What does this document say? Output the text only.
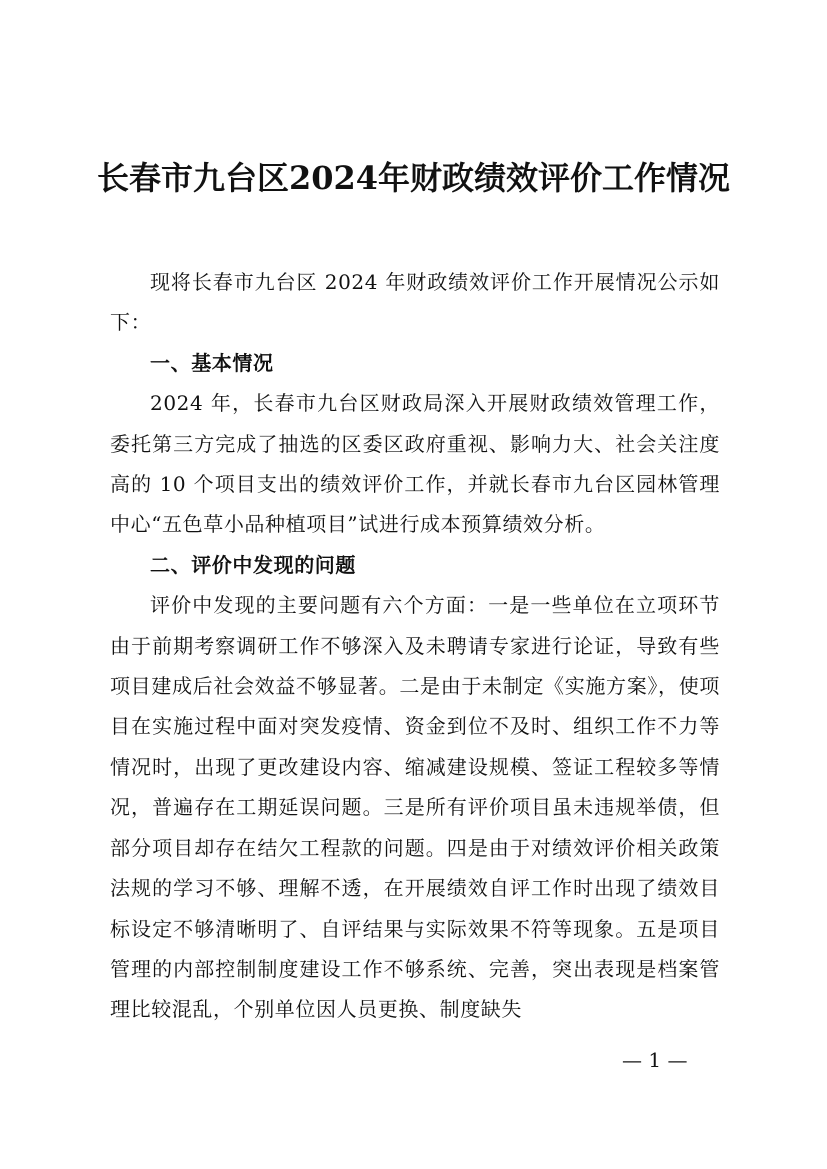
长春市九台区2024年财政绩效评价工作情况

现将长春市九台区 2024 年财政绩效评价工作开展情况公示如下：

一、基本情况

2024 年，长春市九台区财政局深入开展财政绩效管理工作，委托第三方完成了抽选的区委区政府重视、影响力大、社会关注度高的 10 个项目支出的绩效评价工作，并就长春市九台区园林管理中心“五色草小品种植项目”试进行成本预算绩效分析。

二、评价中发现的问题

评价中发现的主要问题有六个方面：一是一些单位在立项环节由于前期考察调研工作不够深入及未聘请专家进行论证，导致有些项目建成后社会效益不够显著。二是由于未制定《实施方案》，使项目在实施过程中面对突发疫情、资金到位不及时、组织工作不力等情况时，出现了更改建设内容、缩减建设规模、签证工程较多等情况，普遍存在工期延误问题。三是所有评价项目虽未违规举债，但部分项目却存在结欠工程款的问题。四是由于对绩效评价相关政策法规的学习不够、理解不透，在开展绩效自评工作时出现了绩效目标设定不够清晰明了、自评结果与实际效果不符等现象。五是项目管理的内部控制制度建设工作不够系统、完善，突出表现是档案管理比较混乱，个别单位因人员更换、制度缺失

— 1 —
